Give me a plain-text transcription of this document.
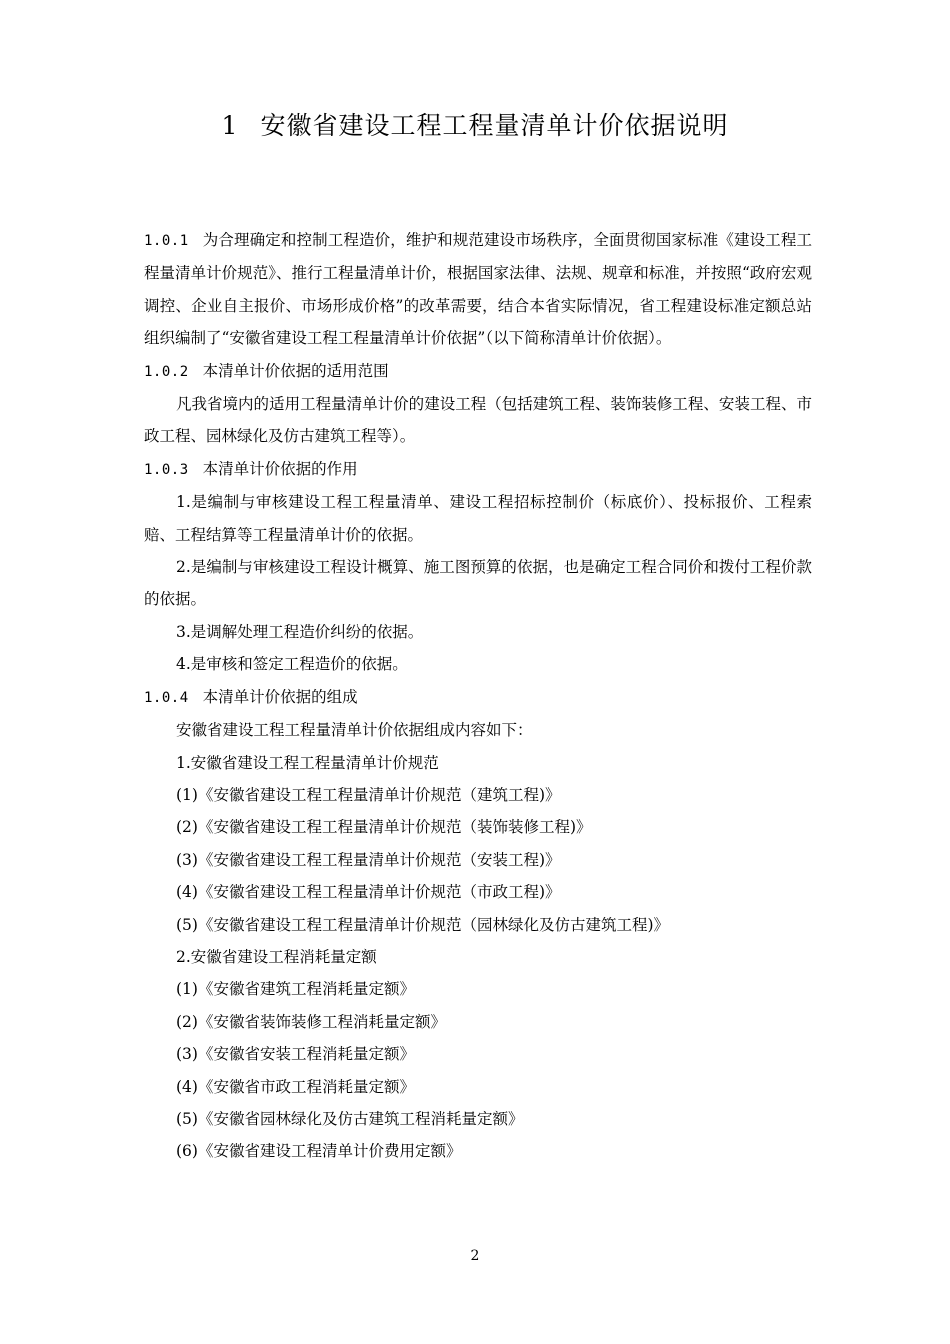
1 安徽省建设工程工程量清单计价依据说明

1.0.1 为合理确定和控制工程造价，维护和规范建设市场秩序，全面贯彻国家标准《建设工程工程量清单计价规范》、推行工程量清单计价，根据国家法律、法规、规章和标准，并按照“政府宏观调控、企业自主报价、市场形成价格”的改革需要，结合本省实际情况，省工程建设标准定额总站组织编制了“安徽省建设工程工程量清单计价依据”（以下简称清单计价依据）。

1.0.2 本清单计价依据的适用范围

凡我省境内的适用工程量清单计价的建设工程（包括建筑工程、装饰装修工程、安装工程、市政工程、园林绿化及仿古建筑工程等）。

1.0.3 本清单计价依据的作用

1.是编制与审核建设工程工程量清单、建设工程招标控制价（标底价）、投标报价、工程索赔、工程结算等工程量清单计价的依据。

2.是编制与审核建设工程设计概算、施工图预算的依据，也是确定工程合同价和拨付工程价款的依据。

3.是调解处理工程造价纠纷的依据。

4.是审核和签定工程造价的依据。

1.0.4 本清单计价依据的组成

安徽省建设工程工程量清单计价依据组成内容如下：

1.安徽省建设工程工程量清单计价规范

(1)《安徽省建设工程工程量清单计价规范（建筑工程)》

(2)《安徽省建设工程工程量清单计价规范（装饰装修工程)》

(3)《安徽省建设工程工程量清单计价规范（安装工程)》

(4)《安徽省建设工程工程量清单计价规范（市政工程)》

(5)《安徽省建设工程工程量清单计价规范（园林绿化及仿古建筑工程)》

2.安徽省建设工程消耗量定额

(1)《安徽省建筑工程消耗量定额》

(2)《安徽省装饰装修工程消耗量定额》

(3)《安徽省安装工程消耗量定额》

(4)《安徽省市政工程消耗量定额》

(5)《安徽省园林绿化及仿古建筑工程消耗量定额》

(6)《安徽省建设工程清单计价费用定额》

2
